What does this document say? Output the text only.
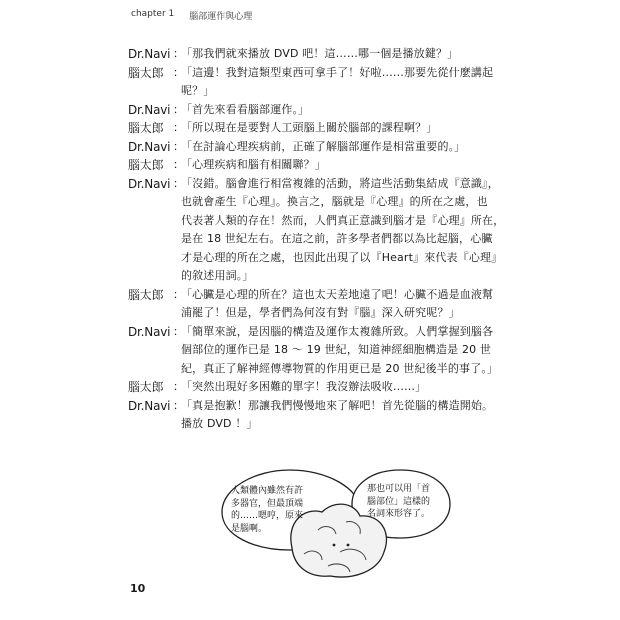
chapter 1 腦部運作與心理
Dr.Navi ：
「那我們就來播放 DVD 吧！這……哪一個是播放鍵？」
腦太郎 ：
「這邊！我對這類型東西可拿手了！好啦……那要先從什麼講起
呢？」
Dr.Navi ：
「首先來看看腦部運作。」
腦太郎 ：
「所以現在是要對人工頭腦上關於腦部的課程啊？」
Dr.Navi ：
「在討論心理疾病前，正確了解腦部運作是相當重要的。」
腦太郎 ：
「心理疾病和腦有相關聯？」
Dr.Navi ：
「沒錯。腦會進行相當複雜的活動，將這些活動集結成『意識』，
也就會產生『心理』。換言之，腦就是『心理』的所在之處，也
代表著人類的存在！然而，人們真正意識到腦才是『心理』所在，
是在 18 世紀左右。在這之前，許多學者們都以為比起腦，心臟
才是心理的所在之處，也因此出現了以『Heart』來代表『心理』
的敘述用詞。」
腦太郎 ：
「心臟是心理的所在？這也太天差地遠了吧！心臟不過是血液幫
浦罷了！但是，學者們為何沒有對『腦』深入研究呢？」
Dr.Navi ：
「簡單來說，是因腦的構造及運作太複雜所致。人們掌握到腦各
個部位的運作已是 18 ～ 19 世紀，知道神經細胞構造是 20 世
紀，真正了解神經傳導物質的作用更已是 20 世紀後半的事了。」
腦太郎 ：
「突然出現好多困難的單字！我沒辦法吸收……」
Dr.Navi ：
「真是抱歉！那讓我們慢慢地來了解吧！首先從腦的構造開始。
播放 DVD ！」
人類體內雖然有許
多器官，但最頂端
的……嗯哼，原來
是腦啊。
那也可以用「首
腦部位」這樣的
名詞來形容了。
10
